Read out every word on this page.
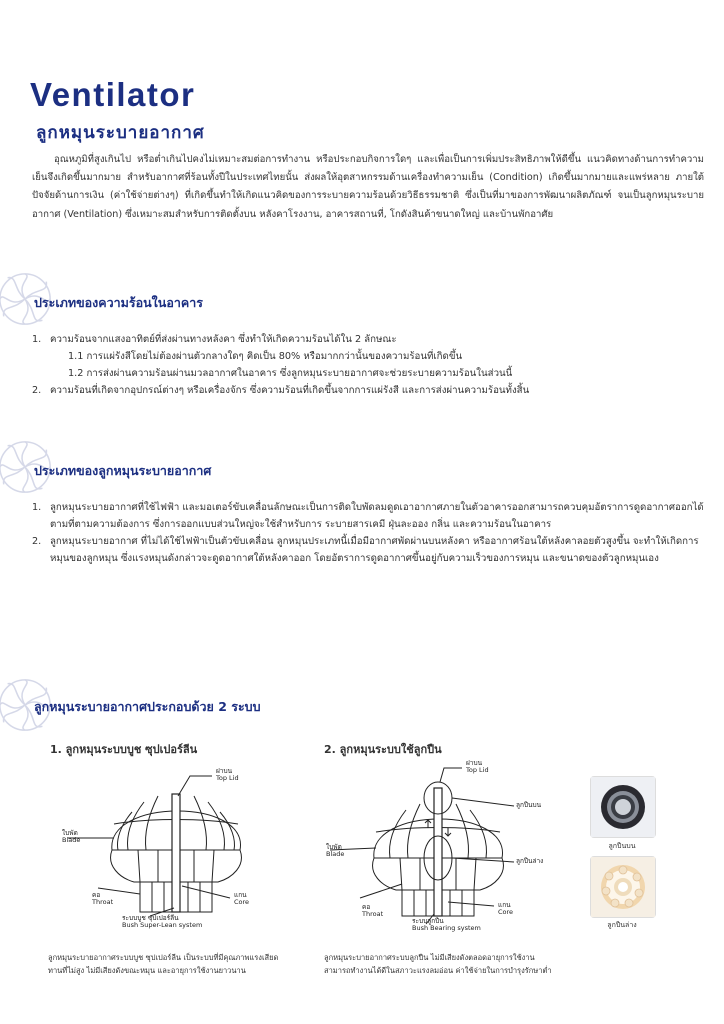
Ventilator
ลูกหมุนระบายอากาศ

อุณหภูมิที่สูงเกินไป หรือต่ำเกินไปคงไม่เหมาะสมต่อการทำงาน หรือประกอบกิจการใดๆ และเพื่อเป็นการเพิ่มประสิทธิภาพให้ดีขึ้น แนวคิดทางด้านการทำความเย็นจึงเกิดขึ้นมากมาย สำหรับอากาศที่ร้อนทั้งปีในประเทศไทยนั้น ส่งผลให้อุตสาหกรรมด้านเครื่องทำความเย็น (Condition) เกิดขึ้นมากมายและแพร่หลาย ภายใต้ปัจจัยด้านการเงิน (ค่าใช้จ่ายต่างๆ) ที่เกิดขึ้นทำให้เกิดแนวคิดของการระบายความร้อนด้วยวิธีธรรมชาติ ซึ่งเป็นที่มาของการพัฒนาผลิตภัณฑ์ จนเป็นลูกหมุนระบายอากาศ (Ventilation) ซึ่งเหมาะสมสำหรับการติดตั้งบน หลังคาโรงงาน, อาคารสถานที่, โกดังสินค้าขนาดใหญ่ และบ้านพักอาศัย

ประเภทของความร้อนในอาคาร
1. ความร้อนจากแสงอาทิตย์ที่ส่งผ่านทางหลังคา ซึ่งทำให้เกิดความร้อนได้ใน 2 ลักษณะ
1.1 การแผ่รังสีโดยไม่ต้องผ่านตัวกลางใดๆ คิดเป็น 80% หรือมากกว่านั้นของความร้อนที่เกิดขึ้น
1.2 การส่งผ่านความร้อนผ่านมวลอากาศในอาคาร ซึ่งลูกหมุนระบายอากาศจะช่วยระบายความร้อนในส่วนนี้
2. ความร้อนที่เกิดจากอุปกรณ์ต่างๆ หรือเครื่องจักร ซึ่งความร้อนที่เกิดขึ้นจากการแผ่รังสี และการส่งผ่านความร้อนทั้งสิ้น
ประเภทของลูกหมุนระบายอากาศ
1. ลูกหมุนระบายอากาศที่ใช้ไฟฟ้า และมอเตอร์ขับเคลื่อนลักษณะเป็นการติดใบพัดลมดูดเอาอากาศภายในตัวอาคารออกสามารถควบคุมอัตราการดูดอากาศออกได้ตามที่ตามความต้องการ ซึ่งการออกแบบส่วนใหญ่จะใช้สำหรับการ ระบายสารเคมี ฝุ่นละออง กลิ่น และความร้อนในอาคาร
2. ลูกหมุนระบายอากาศ ที่ไม่ได้ใช้ไฟฟ้าเป็นตัวขับเคลื่อน ลูกหมุนประเภทนี้เมื่อมีอากาศพัดผ่านบนหลังคา หรืออากาศร้อนใต้หลังคาลอยตัวสูงขึ้น จะทำให้เกิดการหมุนของลูกหมุน ซึ่งแรงหมุนดังกล่าวจะดูดอากาศใต้หลังคาออก โดยอัตราการดูดอากาศขึ้นอยู่กับความเร็วของการหมุน และขนาดของตัวลูกหมุนเอง
ลูกหมุนระบายอากาศประกอบด้วย 2 ระบบ
1. ลูกหมุนระบบบูช ซุปเปอร์ลีน	2. ลูกหมุนระบบใช้ลูกปืน
ฝาบน
Top Lid
ใบพัด
Blade
คอ
Throat
แกน
Core
ระบบบูช ซุปเปอร์ลีน
Bush Super-Lean system

ลูกหมุนระบายอากาศระบบบูช ซุปเปอร์ลีน เป็นระบบที่มีคุณภาพแรงเสียดทานที่ไม่สูง ไม่มีเสียงดังขณะหมุน และอายุการใช้งานยาวนาน

ฝาบน
Top Lid
ลูกปืนบน
ใบพัด
Blade
ลูกปืนล่าง
คอ
Throat
ระบบลูกปืน
Bush Bearing system
แกน
Core

ลูกหมุนระบายอากาศระบบลูกปืน ไม่มีเสียงดังตลอดอายุการใช้งาน สามารถทำงานได้ดีในสภาวะแรงลมอ่อน ค่าใช้จ่ายในการบำรุงรักษาต่ำ

ลูกปืนบน
ลูกปืนล่าง
